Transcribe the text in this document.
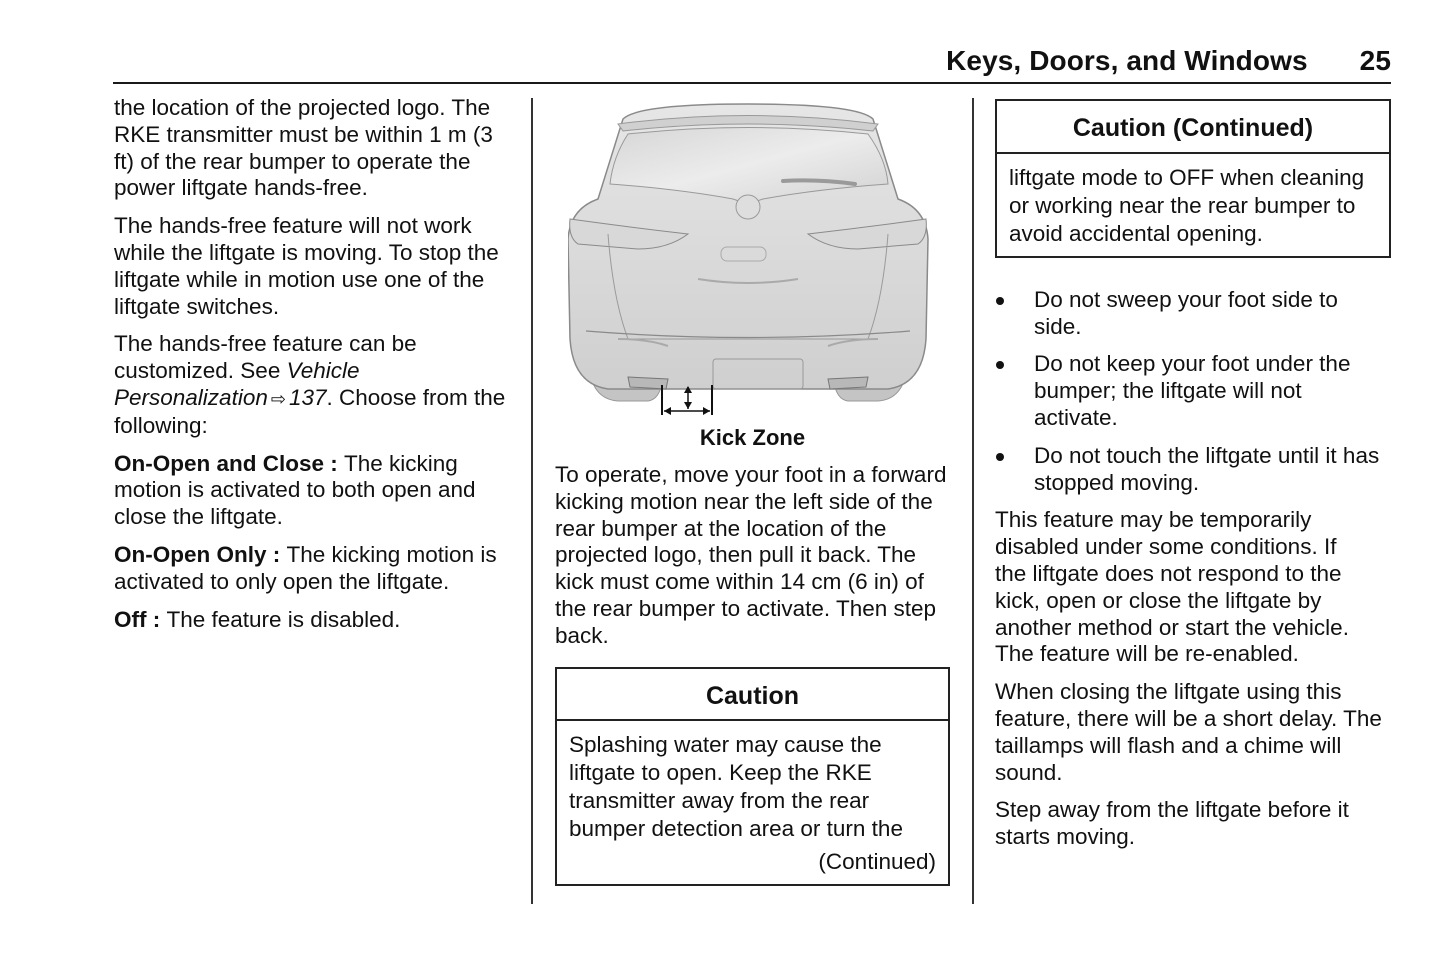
Keys, Doors, and Windows 25

the location of the projected logo. The RKE transmitter must be within 1 m (3 ft) of the rear bumper to operate the power liftgate hands-free.

The hands-free feature will not work while the liftgate is moving. To stop the liftgate while in motion use one of the liftgate switches.

The hands-free feature can be customized. See Vehicle Personalization ⇨ 137. Choose from the following:

On-Open and Close : The kicking motion is activated to both open and close the liftgate.

On-Open Only : The kicking motion is activated to only open the liftgate.

Off : The feature is disabled.

Kick Zone

To operate, move your foot in a forward kicking motion near the left side of the rear bumper at the location of the projected logo, then pull it back. The kick must come within 14 cm (6 in) of the rear bumper to activate. Then step back.

Caution
Splashing water may cause the liftgate to open. Keep the RKE transmitter away from the rear bumper detection area or turn the
(Continued)
Caution (Continued)
liftgate mode to OFF when cleaning or working near the rear bumper to avoid accidental opening.
Do not sweep your foot side to side.
Do not keep your foot under the bumper; the liftgate will not activate.
Do not touch the liftgate until it has stopped moving.

This feature may be temporarily disabled under some conditions. If the liftgate does not respond to the kick, open or close the liftgate by another method or start the vehicle. The feature will be re-enabled.

When closing the liftgate using this feature, there will be a short delay. The taillamps will flash and a chime will sound.

Step away from the liftgate before it starts moving.
